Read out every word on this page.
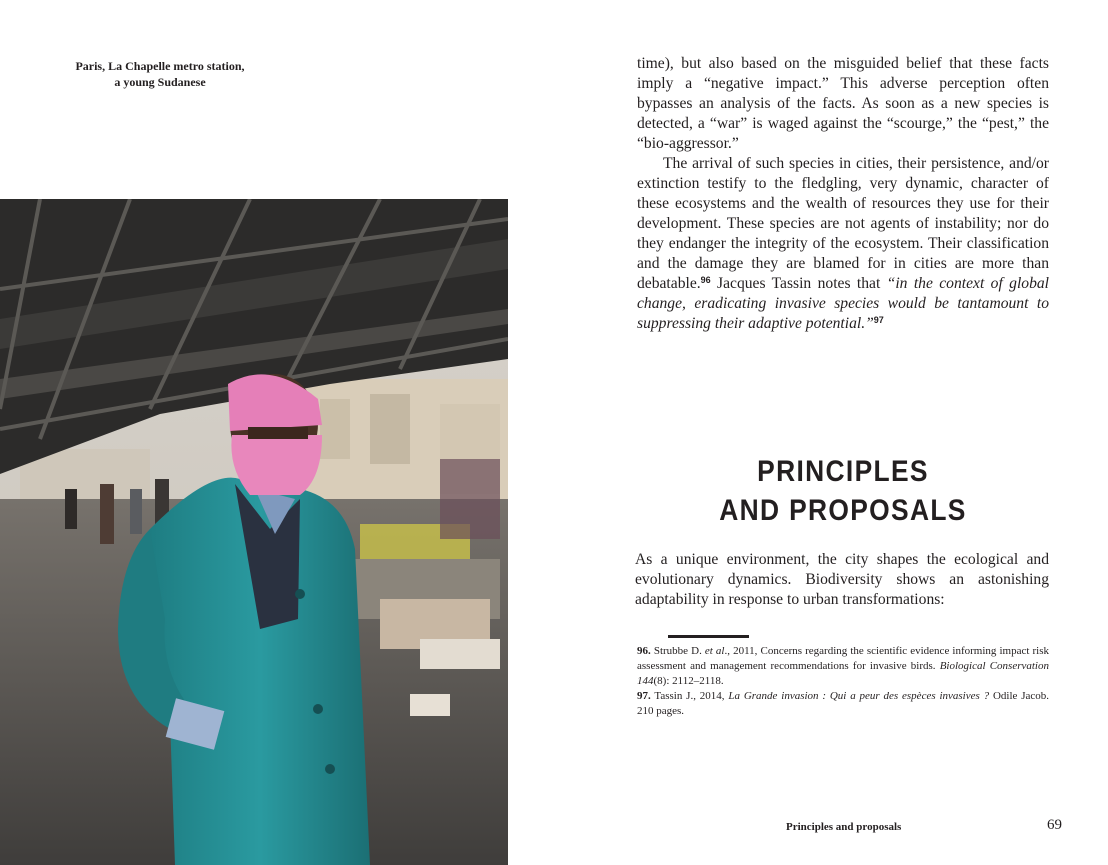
Paris, La Chapelle metro station,
a young Sudanese

time), but also based on the misguided belief that these facts imply a “negative impact.” This adverse perception often bypasses an analysis of the facts. As soon as a new species is detected, a “war” is waged against the “scourge,” the “pest,” the “bio-aggressor.”

The arrival of such species in cities, their persistence, and/or extinction testify to the fledgling, very dynamic, character of these ecosystems and the wealth of resources they use for their development. These species are not agents of instability; nor do they endanger the integrity of the ecosystem. Their classification and the damage they are blamed for in cities are more than debatable.$^{96}$ Jacques Tassin notes that “in the context of global change, eradicating invasive species would be tantamount to suppressing their adaptive potential.”$^{97}$

PRINCIPLES
AND PROPOSALS
As a unique environment, the city shapes the ecological and evolutionary dynamics. Biodiversity shows an astonishing adaptability in response to urban transformations:

96. Strubbe D. et al., 2011, Concerns regarding the scientific evidence informing impact risk assessment and management recommendations for invasive birds. Biological Conservation 144(8): 2112–2118.

97. Tassin J., 2014, La Grande invasion : Qui a peur des espèces invasives ? Odile Jacob. 210 pages.

Principles and proposals	69
